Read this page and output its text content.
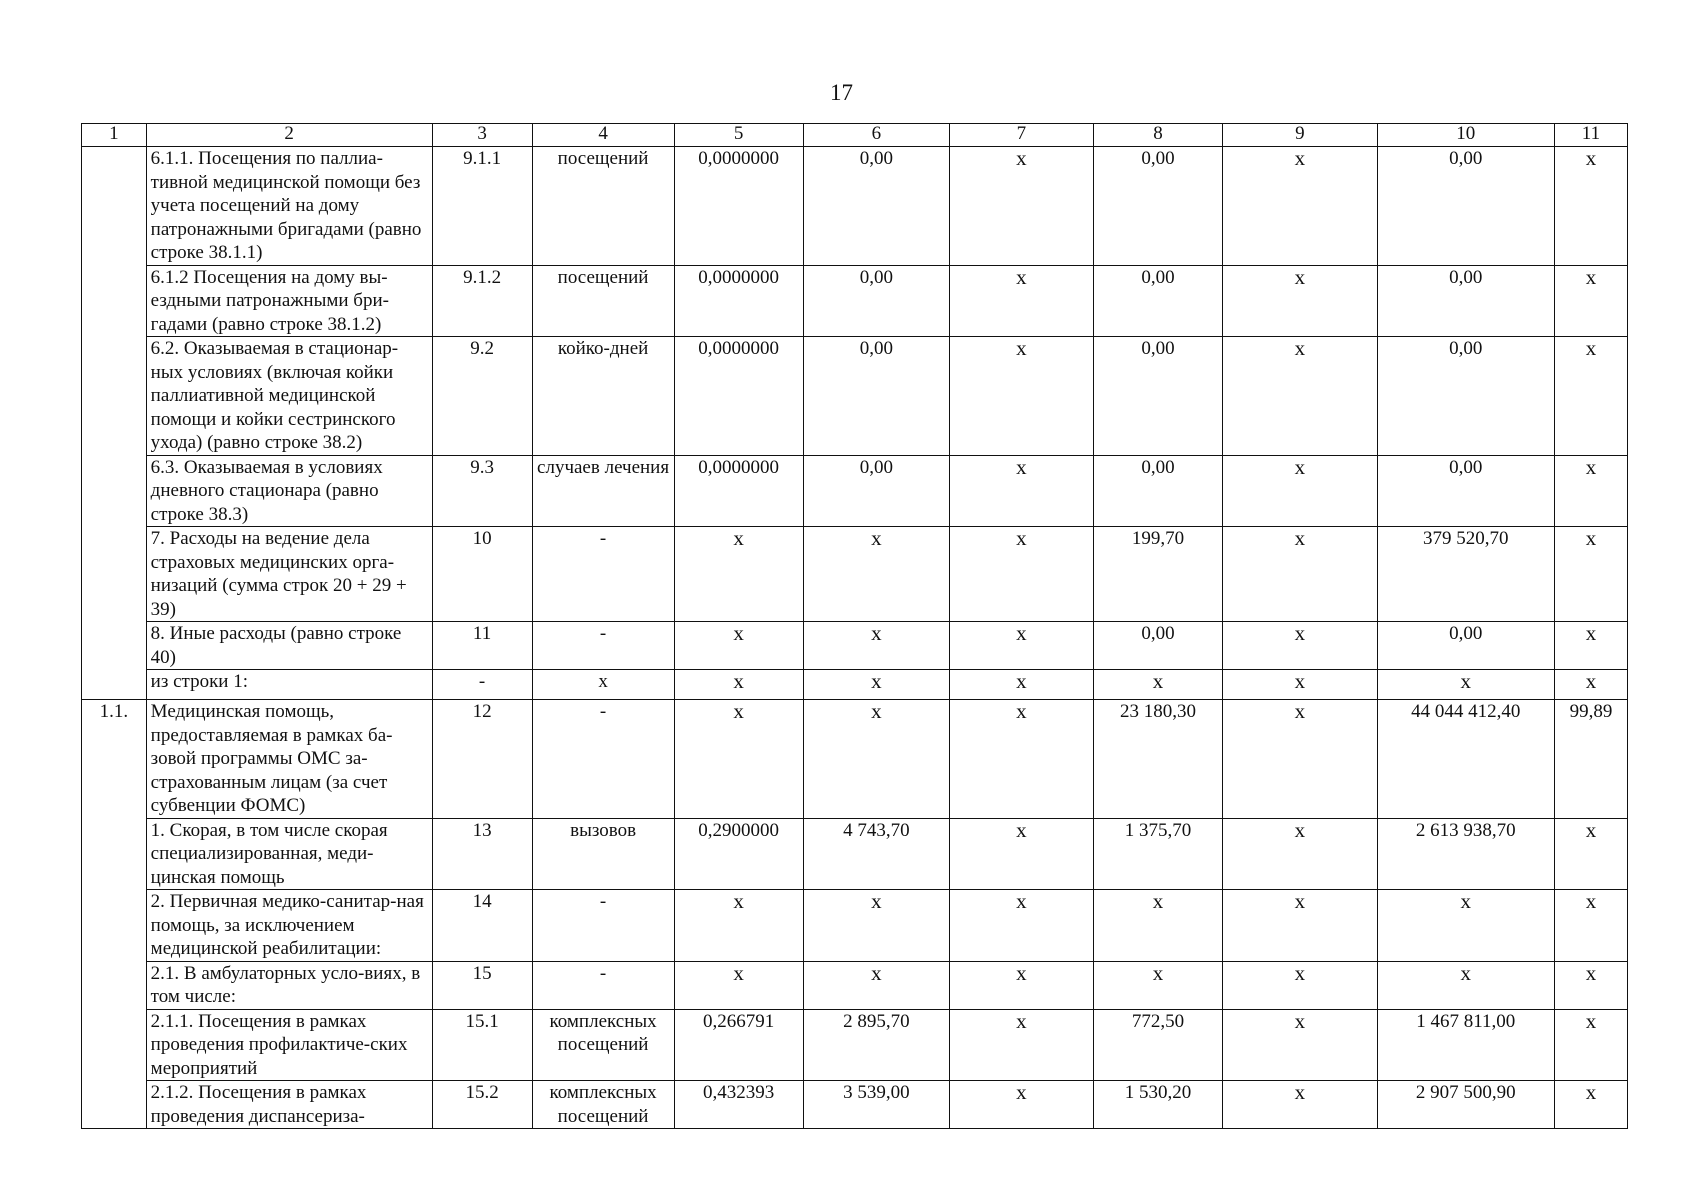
17
1	2	3	4	5	6	7	8	9	10	11
	6.1.1. Посещения по паллиа-тивной медицинской помощи без учета посещений на дому патронажными бригадами (равно строке 38.1.1)	9.1.1	посещений	0,0000000	0,00	x	0,00	x	0,00	x
	6.1.2 Посещения на дому вы-ездными патронажными бри-гадами (равно строке 38.1.2)	9.1.2	посещений	0,0000000	0,00	x	0,00	x	0,00	x
	6.2. Оказываемая в стационар-ных условиях (включая койки паллиативной медицинской помощи и койки сестринского ухода) (равно строке 38.2)	9.2	койко-дней	0,0000000	0,00	x	0,00	x	0,00	x
	6.3. Оказываемая в условиях дневного стационара (равно строке 38.3)	9.3	случаев лечения	0,0000000	0,00	x	0,00	x	0,00	x
	7. Расходы на ведение дела страховых медицинских орга-низаций (сумма строк 20 + 29 + 39)	10	-	x	x	x	199,70	x	379 520,70	x
	8. Иные расходы (равно строке 40)	11	-	x	x	x	0,00	x	0,00	x
	из строки 1:	-	x	x	x	x	x	x	x	x
1.1.	Медицинская помощь, предоставляемая в рамках ба-зовой программы ОМС за-страхованным лицам (за счет субвенции ФОМС)	12	-	x	x	x	23 180,30	x	44 044 412,40	99,89
	1. Скорая, в том числе скорая специализированная, меди-цинская помощь	13	вызовов	0,2900000	4 743,70	x	1 375,70	x	2 613 938,70	x
	2. Первичная медико-санитар-ная помощь, за исключением медицинской реабилитации:	14	-	x	x	x	x	x	x	x
	2.1. В амбулаторных усло-виях, в том числе:	15	-	x	x	x	x	x	x	x
	2.1.1. Посещения в рамках проведения профилактиче-ских мероприятий	15.1	комплексных посещений	0,266791	2 895,70	x	772,50	x	1 467 811,00	x
	2.1.2. Посещения в рамках проведения диспансериза-	15.2	комплексных посещений	0,432393	3 539,00	x	1 530,20	x	2 907 500,90	x
